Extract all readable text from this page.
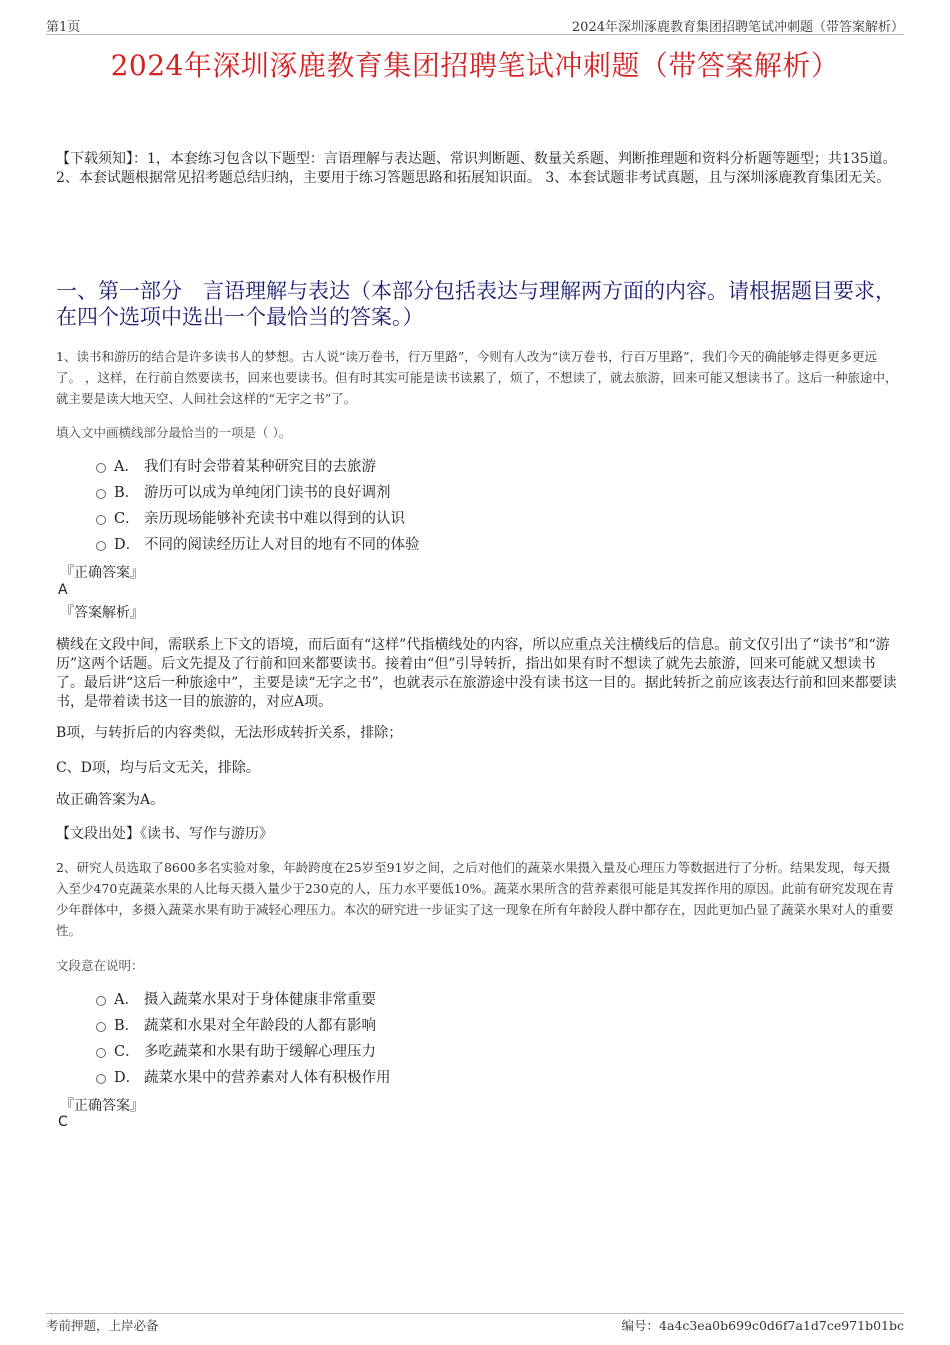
第1页	2024年深圳涿鹿教育集团招聘笔试冲刺题（带答案解析）
2024年深圳涿鹿教育集团招聘笔试冲刺题（带答案解析）
【下载须知】：1，本套练习包含以下题型：言语理解与表达题、常识判断题、数量关系题、判断推理题和资料分析题等题型；共135道。 2、本套试题根据常见招考题总结归纳，主要用于练习答题思路和拓展知识面。 3、本套试题非考试真题，且与深圳涿鹿教育集团无关。
一、第一部分　言语理解与表达（本部分包括表达与理解两方面的内容。请根据题目要求，在四个选项中选出一个最恰当的答案。）
1、读书和游历的结合是许多读书人的梦想。古人说“读万卷书，行万里路”，今则有人改为“读万卷书，行百万里路”，我们今天的确能够走得更多更远了。 ，这样，在行前自然要读书，回来也要读书。但有时其实可能是读书读累了，烦了，不想读了，就去旅游，回来可能又想读书了。这后一种旅途中，就主要是读大地天空、人间社会这样的“无字之书”了。
填入文中画横线部分最恰当的一项是（ ）。
A． 我们有时会带着某种研究目的去旅游
B． 游历可以成为单纯闭门读书的良好调剂
C． 亲历现场能够补充读书中难以得到的认识
D． 不同的阅读经历让人对目的地有不同的体验
『正确答案』
A
『答案解析』
横线在文段中间，需联系上下文的语境，而后面有“这样”代指横线处的内容，所以应重点关注横线后的信息。前文仅引出了“读书”和“游历”这两个话题。后文先提及了行前和回来都要读书。接着由“但”引导转折，指出如果有时不想读了就先去旅游，回来可能就又想读书了。最后讲“这后一种旅途中”，主要是读“无字之书”，也就表示在旅游途中没有读书这一目的。据此转折之前应该表达行前和回来都要读书，是带着读书这一目的旅游的，对应A项。
B项，与转折后的内容类似，无法形成转折关系，排除；
C、D项，均与后文无关，排除。
故正确答案为A。
【文段出处】《读书、写作与游历》
2、研究人员选取了8600多名实验对象，年龄跨度在25岁至91岁之间，之后对他们的蔬菜水果摄入量及心理压力等数据进行了分析。结果发现，每天摄入至少470克蔬菜水果的人比每天摄入量少于230克的人，压力水平要低10%。蔬菜水果所含的营养素很可能是其发挥作用的原因。此前有研究发现在青少年群体中，多摄入蔬菜水果有助于减轻心理压力。本次的研究进一步证实了这一现象在所有年龄段人群中都存在，因此更加凸显了蔬菜水果对人的重要性。
文段意在说明：
A． 摄入蔬菜水果对于身体健康非常重要
B． 蔬菜和水果对全年龄段的人都有影响
C． 多吃蔬菜和水果有助于缓解心理压力
D． 蔬菜水果中的营养素对人体有积极作用
『正确答案』
C
考前押题，上岸必备	编号：4a4c3ea0b699c0d6f7a1d7ce971b01bc
